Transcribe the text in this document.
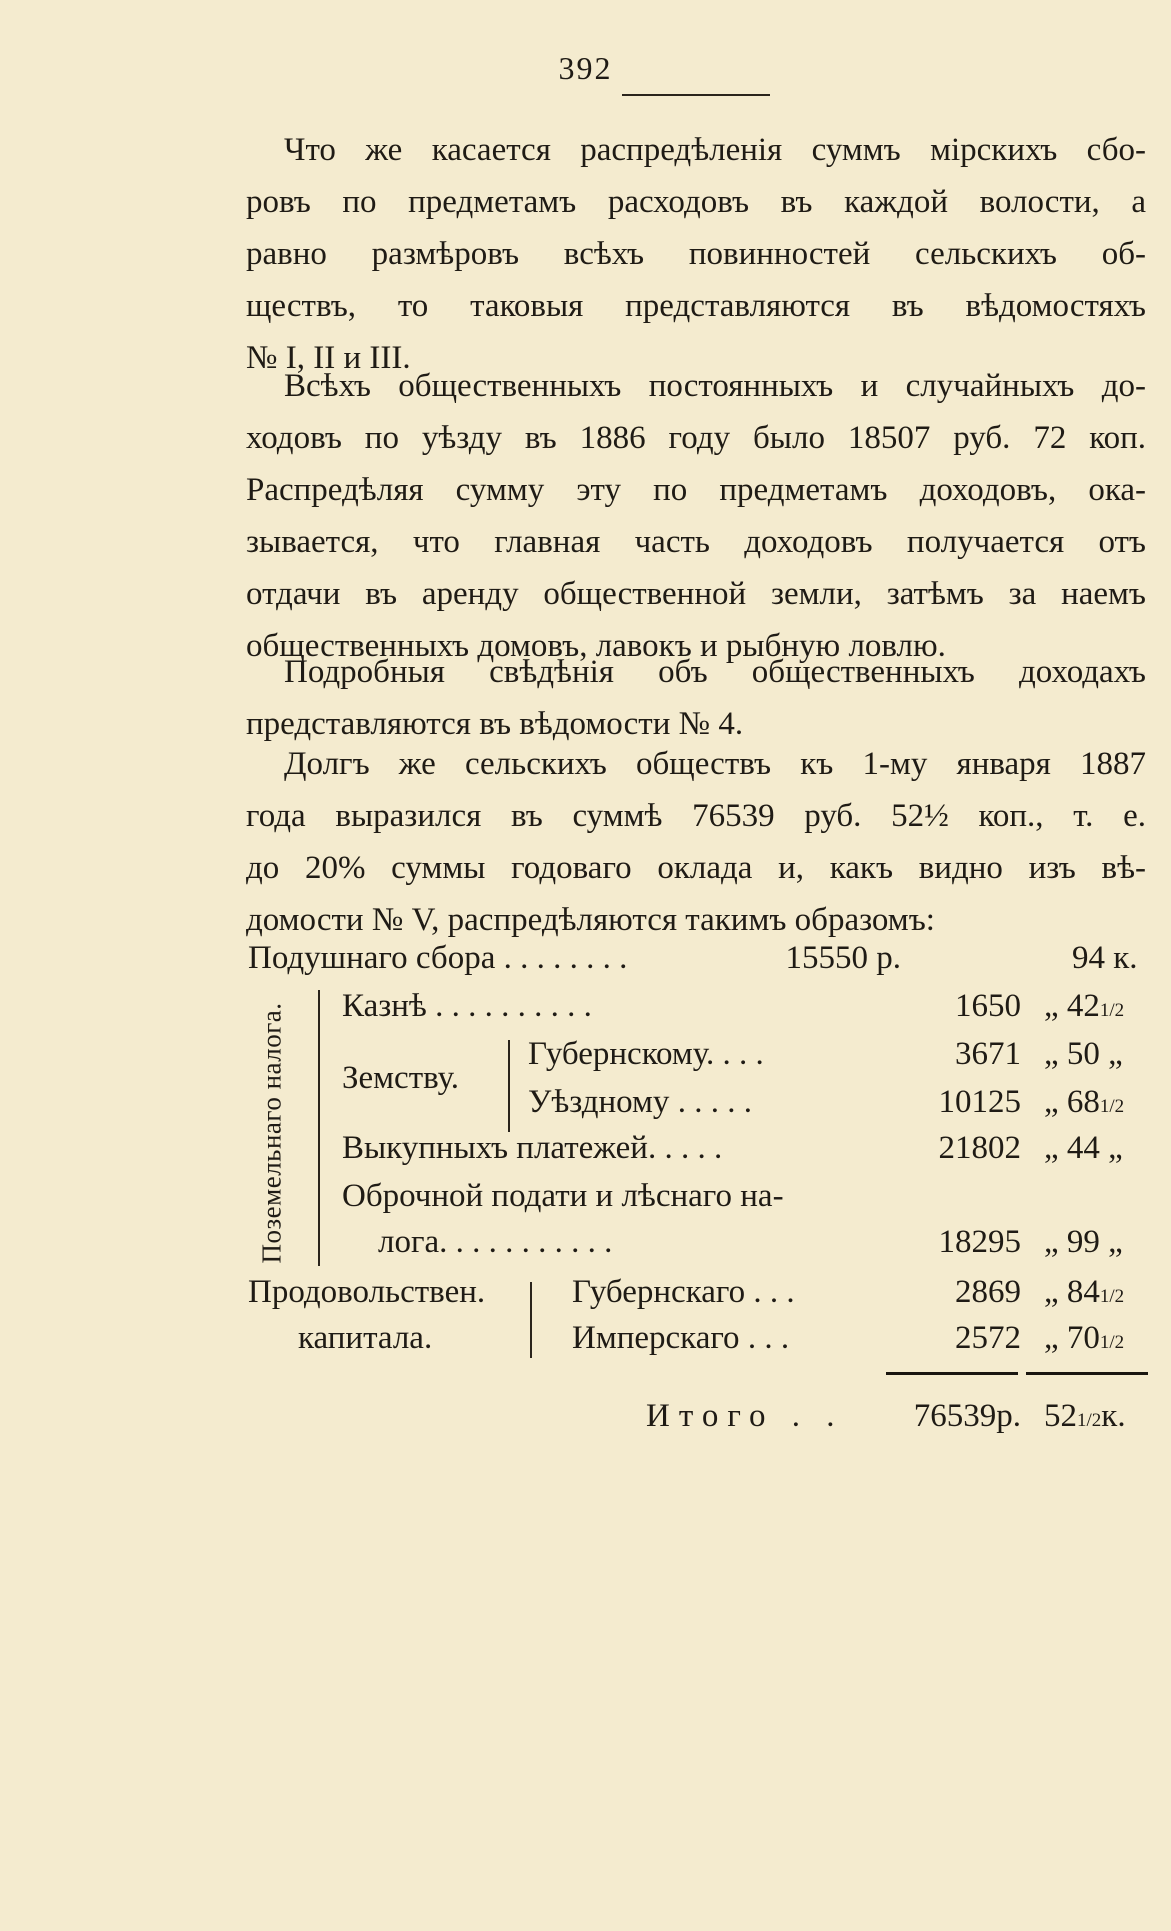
392
Что же касается распредѣленія суммъ мірскихъ сбо-
ровъ по предметамъ расходовъ въ каждой волости, а
равно размѣровъ всѣхъ повинностей сельскихъ об-
ществъ, то таковыя представляются въ вѣдомостяхъ
№ I, II и III.
Всѣхъ общественныхъ постоянныхъ и случайныхъ до-
ходовъ по уѣзду въ 1886 году было 18507 руб. 72 коп.
Распредѣляя сумму эту по предметамъ доходовъ, ока-
зывается, что главная часть доходовъ получается отъ
отдачи въ аренду общественной земли, затѣмъ за наемъ
общественныхъ домовъ, лавокъ и рыбную ловлю.
Подробныя свѣдѣнія объ общественныхъ доходахъ
представляются въ вѣдомости № 4.
Долгъ же сельскихъ обществъ къ 1-му января 1887
года выразился въ суммѣ 76539 руб. 52½ коп., т. е.
до 20% суммы годоваго оклада и, какъ видно изъ вѣ-
домости № V, распредѣляются такимъ образомъ:
Подушнаго сбора . . . . . . . .	15550 р.	94 к.
Поземельнаго налога. Казнѣ . . . . . . . . . .	1650 „ 421/2
Земству.
Губернскому. . . .	3671 „ 50 „
Уѣздному . . . . .	10125 „ 681/2
Выкупныхъ платежей. . . . .	21802 „ 44 „
Оброчной подати и лѣснаго на-
лога. . . . . . . . . . .	18295 „ 99 „
Продовольствен.
капитала.
Губернскаго . . .	2869 „ 841/2
Имперскаго . . .	2572 „ 701/2
Итого . . 76539р. 521/2к.
